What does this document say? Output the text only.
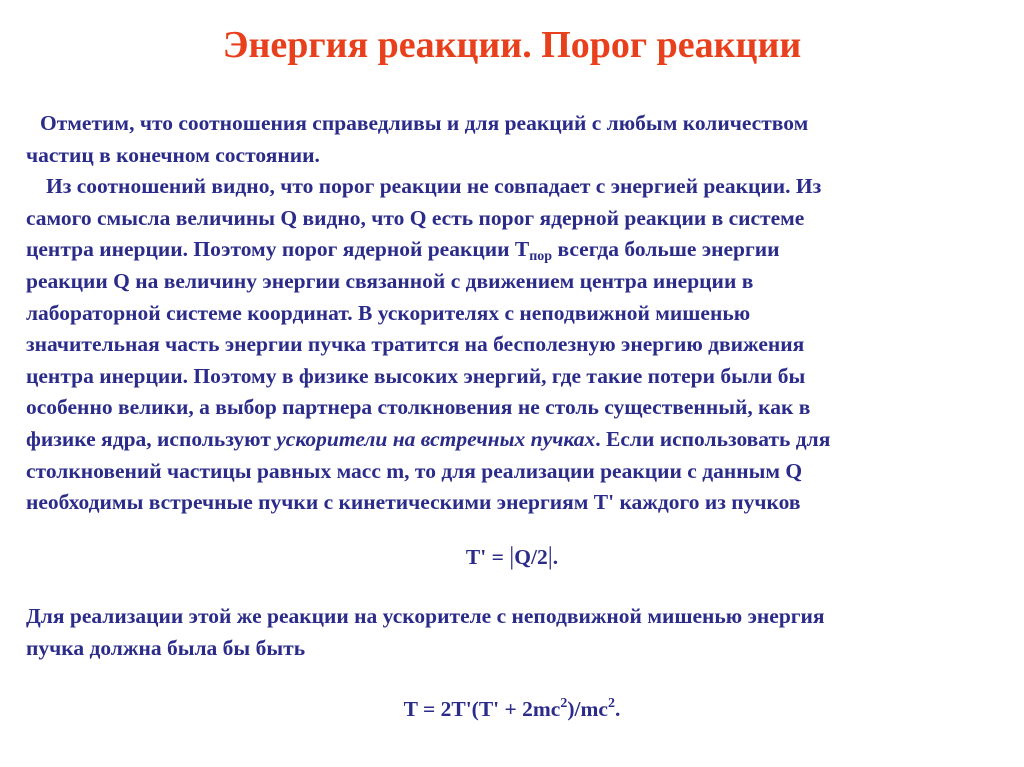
Энергия реакции. Порог реакции
Отметим, что соотношения справедливы и для реакций с любым количеством
частиц в конечном состоянии.
Из соотношений видно, что порог реакции не совпадает с энергией реакции. Из
самого смысла величины Q видно, что Q есть порог ядерной реакции в системе
центра инерции. Поэтому порог ядерной реакции $T_{пор}$ всегда больше энергии
реакции Q на величину энергии связанной с движением центра инерции в
лабораторной системе координат. В ускорителях с неподвижной мишенью
значительная часть энергии пучка тратится на бесполезную энергию движения
центра инерции. Поэтому в физике высоких энергий, где такие потери были бы
особенно велики, а выбор партнера столкновения не столь существенный, как в
физике ядра, используют ускорители на встречных пучках. Если использовать для
столкновений частицы равных масс m, то для реализации реакции с данным Q
необходимы встречные пучки с кинетическими энергиям T' каждого из пучков
T' = |Q/2|.
Для реализации этой же реакции на ускорителе с неподвижной мишенью энергия
пучка должна была бы быть
$T = 2T'(T' + 2mc^2)/mc^2$.
